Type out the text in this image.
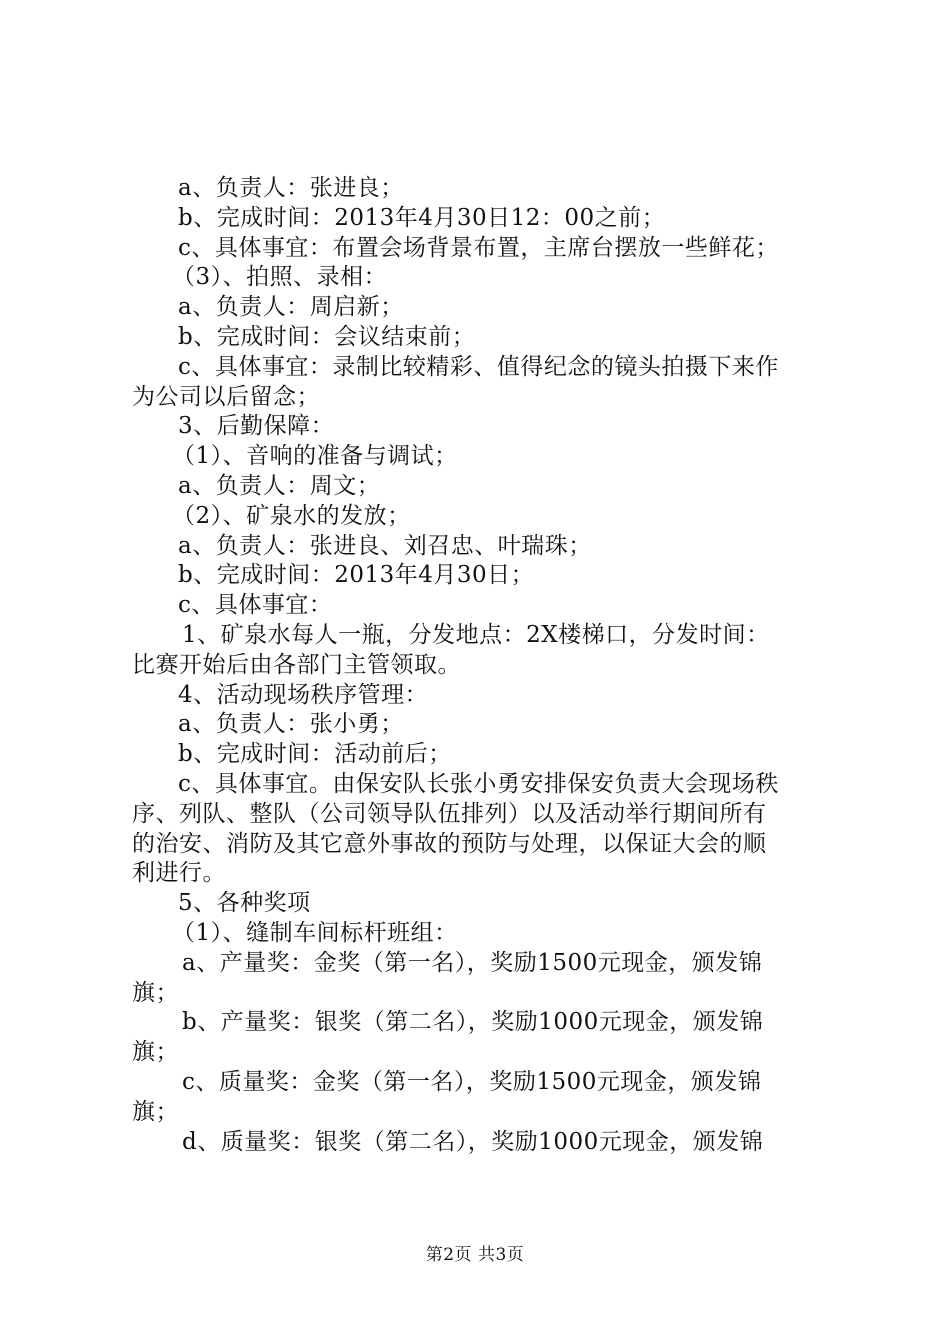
a、负责人：张进良；
b、完成时间：2013年4月30日12：00之前；
c、具体事宜：布置会场背景布置，主席台摆放一些鲜花；
（3）、拍照、录相：
a、负责人：周启新；
b、完成时间：会议结束前；
c、具体事宜：录制比较精彩、值得纪念的镜头拍摄下来作
为公司以后留念；
3、后勤保障：
（1）、音响的准备与调试；
a、负责人：周文；
（2）、矿泉水的发放；
a、负责人：张进良、刘召忠、叶瑞珠；
b、完成时间：2013年4月30日；
c、具体事宜：
1、矿泉水每人一瓶，分发地点：2X楼梯口，分发时间：
比赛开始后由各部门主管领取。
4、活动现场秩序管理：
a、负责人：张小勇；
b、完成时间：活动前后；
c、具体事宜。由保安队长张小勇安排保安负责大会现场秩
序、列队、整队（公司领导队伍排列）以及活动举行期间所有
的治安、消防及其它意外事故的预防与处理，以保证大会的顺
利进行。
5、各种奖项
（1）、缝制车间标杆班组：
a、产量奖：金奖（第一名），奖励1500元现金，颁发锦
旗；
b、产量奖：银奖（第二名），奖励1000元现金，颁发锦
旗；
c、质量奖：金奖（第一名），奖励1500元现金，颁发锦
旗；
d、质量奖：银奖（第二名），奖励1000元现金，颁发锦
第2页 共3页
